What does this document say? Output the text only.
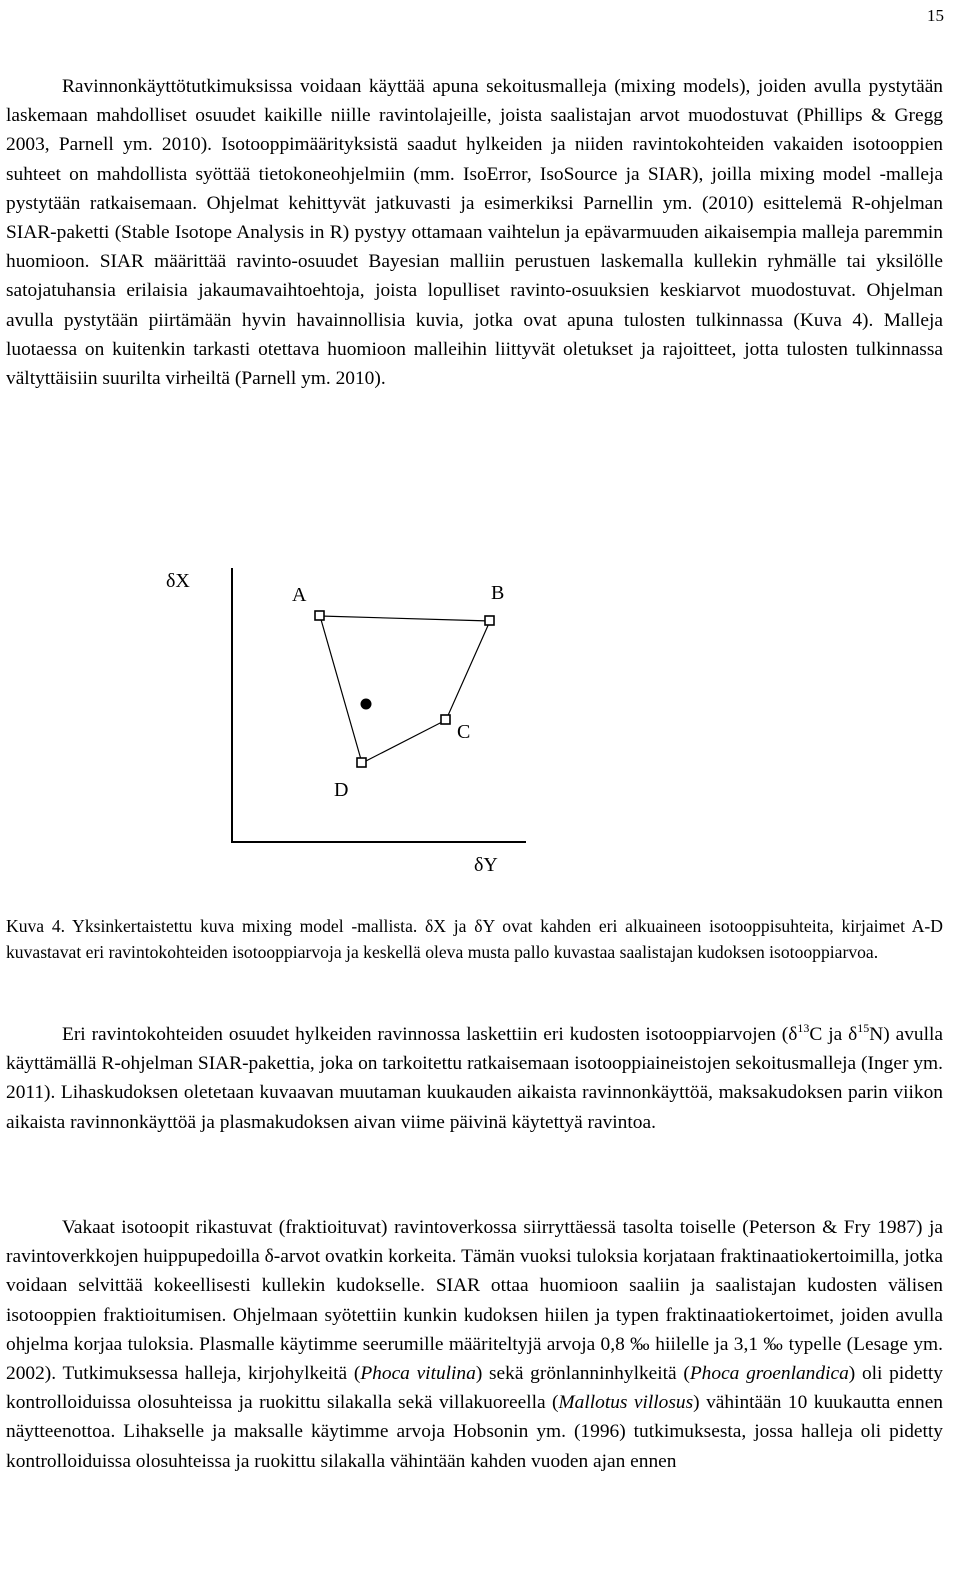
15

Ravinnonkäyttötutkimuksissa voidaan käyttää apuna sekoitusmalleja (mixing models), joiden avulla pystytään laskemaan mahdolliset osuudet kaikille niille ravintolajeille, joista saalistajan arvot muodostuvat (Phillips & Gregg 2003, Parnell ym. 2010). Isotooppimäärityksistä saadut hylkeiden ja niiden ravintokohteiden vakaiden isotooppien suhteet on mahdollista syöttää tietokoneohjelmiin (mm. IsoError, IsoSource ja SIAR), joilla mixing model -malleja pystytään ratkaisemaan. Ohjelmat kehittyvät jatkuvasti ja esimerkiksi Parnellin ym. (2010) esittelemä R-ohjelman SIAR-paketti (Stable Isotope Analysis in R) pystyy ottamaan vaihtelun ja epävarmuuden aikaisempia malleja paremmin huomioon. SIAR määrittää ravinto-osuudet Bayesian malliin perustuen laskemalla kullekin ryhmälle tai yksilölle satojatuhansia erilaisia jakaumavaihtoehtoja, joista lopulliset ravinto-osuuksien keskiarvot muodostuvat. Ohjelman avulla pystytään piirtämään hyvin havainnollisia kuvia, jotka ovat apuna tulosten tulkinnassa (Kuva 4). Malleja luotaessa on kuitenkin tarkasti otettava huomioon malleihin liittyvät oletukset ja rajoitteet, jotta tulosten tulkinnassa vältyttäisiin suurilta virheiltä (Parnell ym. 2010).

δX
δY
A	B
C
D

Kuva 4. Yksinkertaistettu kuva mixing model -mallista. δX ja δY ovat kahden eri alkuaineen isotooppisuhteita, kirjaimet A-D kuvastavat eri ravintokohteiden isotooppiarvoja ja keskellä oleva musta pallo kuvastaa saalistajan kudoksen isotooppiarvoa.

Eri ravintokohteiden osuudet hylkeiden ravinnossa laskettiin eri kudosten isotooppiarvojen ($\delta^{13}C$ ja $\delta^{15}N$) avulla käyttämällä R-ohjelman SIAR-pakettia, joka on tarkoitettu ratkaisemaan isotooppiaineistojen sekoitusmalleja (Inger ym. 2011). Lihaskudoksen oletetaan kuvaavan muutaman kuukauden aikaista ravinnonkäyttöä, maksakudoksen parin viikon aikaista ravinnonkäyttöä ja plasmakudoksen aivan viime päivinä käytettyä ravintoa.

Vakaat isotoopit rikastuvat (fraktioituvat) ravintoverkossa siirryttäessä tasolta toiselle (Peterson & Fry 1987) ja ravintoverkkojen huippupedoilla δ-arvot ovatkin korkeita. Tämän vuoksi tuloksia korjataan fraktinaatiokertoimilla, jotka voidaan selvittää kokeellisesti kullekin kudokselle. SIAR ottaa huomioon saaliin ja saalistajan kudosten välisen isotooppien fraktioitumisen. Ohjelmaan syötettiin kunkin kudoksen hiilen ja typen fraktinaatiokertoimet, joiden avulla ohjelma korjaa tuloksia. Plasmalle käytimme seerumille määriteltyjä arvoja 0,8 ‰ hiilelle ja 3,1 ‰ typelle (Lesage ym. 2002). Tutkimuksessa halleja, kirjohylkeitä (Phoca vitulina) sekä grönlanninhylkeitä (Phoca groenlandica) oli pidetty kontrolloiduissa olosuhteissa ja ruokittu silakalla sekä villakuoreella (Mallotus villosus) vähintään 10 kuukautta ennen näytteenottoa. Lihakselle ja maksalle käytimme arvoja Hobsonin ym. (1996) tutkimuksesta, jossa halleja oli pidetty kontrolloiduissa olosuhteissa ja ruokittu silakalla vähintään kahden vuoden ajan ennen
